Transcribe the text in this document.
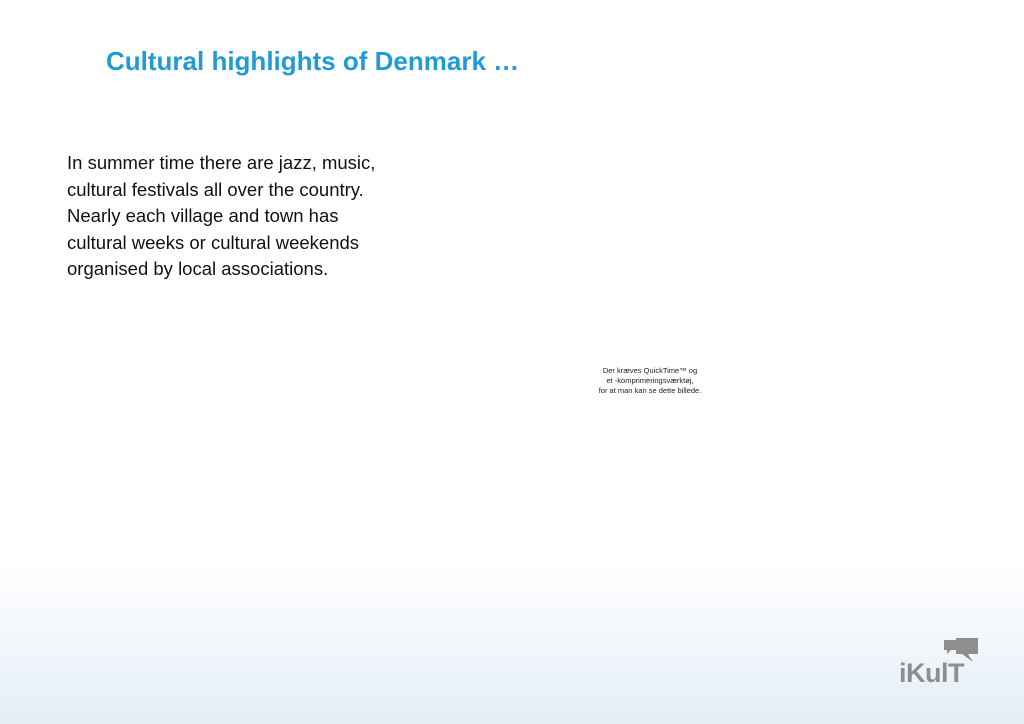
Cultural highlights of Denmark …

In summer time there are jazz, music, cultural festivals all over the country. Nearly each village and town has cultural weeks or cultural weekends organised by local associations.

Der kræves QuickTime™ og
et -komprimeringsværktøj,
for at man kan se dette billede.
iKulT
